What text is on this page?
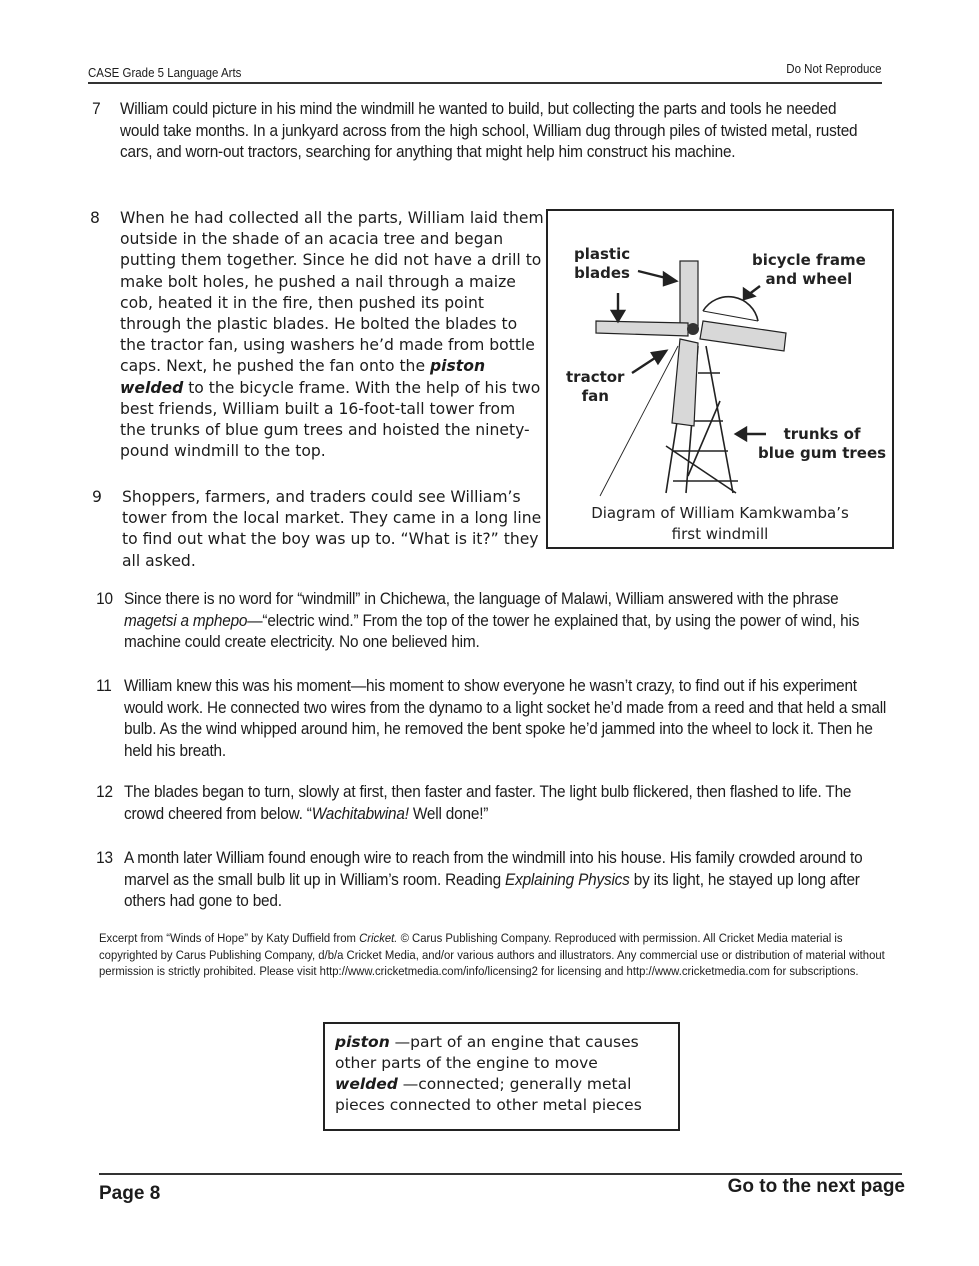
CASE Grade 5 Language Arts	Do Not Reproduce
7 William could picture in his mind the windmill he wanted to build, but collecting the parts and tools he needed would take months. In a junkyard across from the high school, William dug through piles of twisted metal, rusted cars, and worn-out tractors, searching for anything that might help him construct his machine.
8 When he had collected all the parts, William laid them outside in the shade of an acacia tree and began putting them together. Since he did not have a drill to make bolt holes, he pushed a nail through a maize cob, heated it in the fire, then pushed its point through the plastic blades. He bolted the blades to the tractor fan, using washers he’d made from bottle caps. Next, he pushed the fan onto the piston welded to the bicycle frame. With the help of his two best friends, William built a 16-foot-tall tower from the trunks of blue gum trees and hoisted the ninety-pound windmill to the top.
9 Shoppers, farmers, and traders could see William’s tower from the local market. They came in a long line to find out what the boy was up to. “What is it?” they all asked.
plastic
blades
bicycle frame
and wheel
tractor
fan
trunks of
blue gum trees
Diagram of William Kamkwamba’s
first windmill
10 Since there is no word for “windmill” in Chichewa, the language of Malawi, William answered with the phrase magetsi a mphepo—“electric wind.” From the top of the tower he explained that, by using the power of wind, his machine could create electricity. No one believed him.
11 William knew this was his moment—his moment to show everyone he wasn’t crazy, to find out if his experiment would work. He connected two wires from the dynamo to a light socket he’d made from a reed and that held a small bulb. As the wind whipped around him, he removed the bent spoke he’d jammed into the wheel to lock it. Then he held his breath.
12 The blades began to turn, slowly at first, then faster and faster. The light bulb flickered, then flashed to life. The crowd cheered from below. “Wachitabwina! Well done!”
13 A month later William found enough wire to reach from the windmill into his house. His family crowded around to marvel as the small bulb lit up in William’s room. Reading Explaining Physics by its light, he stayed up long after others had gone to bed.
Excerpt from “Winds of Hope” by Katy Duffield from Cricket. © Carus Publishing Company. Reproduced with permission. All Cricket Media material is copyrighted by Carus Publishing Company, d/b/a Cricket Media, and/or various authors and illustrators. Any commercial use or distribution of material without permission is strictly prohibited. Please visit http://www.cricketmedia.com/info/licensing2 for licensing and http://www.cricketmedia.com for subscriptions.
piston —part of an engine that causes other parts of the engine to move
welded —connected; generally metal pieces connected to other metal pieces
Page 8	Go to the next page
